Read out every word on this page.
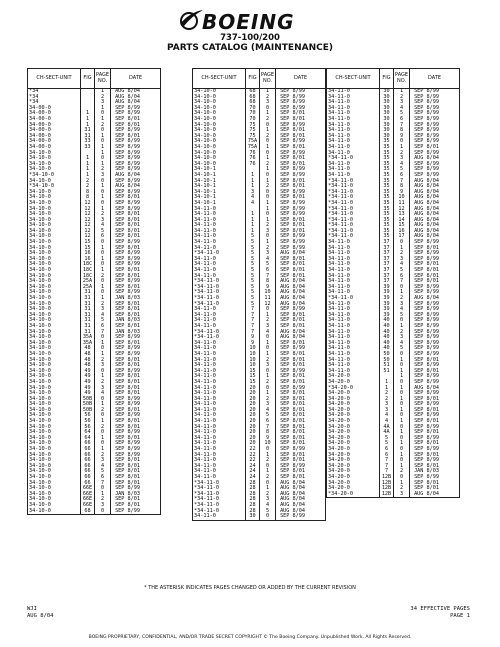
BOEING
737-100/200
PARTS CATALOG (MAINTENANCE)
CH-SECT-UNIT	FIG	PAGE NO.	DATE
*34		1	AUG 8/04
*34		2	AUG 8/04
*34		3	AUG 8/04
34-00-0		1	SEP 8/99
34-00-0	1	0	SEP 8/99
34-00-0	1	1	SEP 8/01
34-00-0	1	2	SEP 8/01
34-00-0	31	0	SEP 8/99
34-00-0	31	1	SEP 8/01
34-00-0	33	0	SEP 8/99
34-00-0	33	1	SEP 8/99
34-10-0		1	SEP 8/99
34-10-0	1	0	SEP 8/99
34-10-0	1	1	SEP 8/99
34-10-0	1	2	SEP 8/99
*34-10-0	1	3	AUG 8/04
34-10-0	2	0	SEP 8/99
*34-10-0	2	1	AUG 8/04
34-10-0	8	0	SEP 8/99
34-10-0	8	1	SEP 8/01
34-10-0	12	0	SEP 8/99
34-10-0	12	1	SEP 8/99
34-10-0	12	2	SEP 8/01
34-10-0	12	3	SEP 8/01
34-10-0	12	4	SEP 8/01
34-10-0	12	5	SEP 8/01
34-10-0	12	6	SEP 8/01
34-10-0	15	0	SEP 8/99
34-10-0	15	1	SEP 8/01
34-10-0	16	0	SEP 8/99
34-10-0	16	1	SEP 8/99
34-10-0	18C	0	SEP 8/99
34-10-0	18C	1	SEP 8/01
34-10-0	18C	2	SEP 8/01
34-10-0	25A	0	SEP 8/99
34-10-0	25A	1	SEP 8/01
34-10-0	31	0	SEP 8/99
34-10-0	31	1	JAN 8/03
34-10-0	31	2	SEP 8/01
34-10-0	31	3	SEP 8/01
34-10-0	31	4	SEP 8/01
34-10-0	31	5	JAN 8/03
34-10-0	31	6	SEP 8/01
34-10-0	31	7	JAN 8/03
34-10-0	35A	0	SEP 8/99
34-10-0	35A	1	SEP 8/01
34-10-0	48	0	SEP 8/99
34-10-0	48	1	SEP 8/99
34-10-0	48	2	SEP 8/01
34-10-0	48	3	SEP 8/01
34-10-0	49	0	SEP 8/99
34-10-0	49	1	SEP 8/01
34-10-0	49	2	SEP 8/01
34-10-0	49	3	SEP 8/01
34-10-0	49	4	SEP 8/01
34-10-0	50B	0	SEP 8/99
34-10-0	50B	1	SEP 8/99
34-10-0	50B	2	SEP 8/01
34-10-0	56	0	SEP 8/99
34-10-0	56	1	SEP 8/01
34-10-0	56	2	SEP 8/01
34-10-0	64	0	SEP 8/99
34-10-0	64	1	SEP 8/01
34-10-0	66	0	SEP 8/99
34-10-0	66	1	SEP 8/99
34-10-0	66	2	SEP 8/99
34-10-0	66	3	SEP 8/01
34-10-0	66	4	SEP 8/01
34-10-0	66	5	SEP 8/01
34-10-0	66	6	SEP 8/01
34-10-0	66	7	SEP 8/01
34-10-0	66E	0	SEP 8/99
34-10-0	66E	1	JAN 8/03
34-10-0	66E	2	SEP 8/01
34-10-0	66E	3	SEP 8/01
34-10-0	68	0	SEP 8/99
CH-SECT-UNIT	FIG	PAGE NO.	DATE
34-10-0	68	1	SEP 8/99
34-10-0	68	2	SEP 8/99
34-10-0	68	3	SEP 8/99
34-10-0	70	0	SEP 8/99
34-10-0	70	1	SEP 8/01
34-10-0	70	2	SEP 8/01
34-10-0	75	0	SEP 8/99
34-10-0	75	1	SEP 8/01
34-10-0	75	2	SEP 8/01
34-10-0	75A	0	SEP 8/99
34-10-0	75A	1	SEP 8/01
34-10-0	76	0	SEP 8/99
34-10-0	76	1	SEP 8/01
34-10-0	76	2	SEP 8/01
34-10-1		1	SEP 8/99
34-10-1	1	0	SEP 8/99
34-10-1	1	1	SEP 8/01
34-10-1	1	2	SEP 8/01
34-10-1	3	0	SEP 8/99
34-10-1	4	0	SEP 8/01
34-10-1	4	1	SEP 8/99
34-11-0		1	SEP 8/99
34-11-0	1	0	SEP 8/99
34-11-0	1	1	SEP 8/01
34-11-0	1	2	SEP 8/01
34-11-0	1	3	SEP 8/01
34-11-0	5	0	SEP 8/99
34-11-0	5	1	SEP 8/99
34-11-0	5	2	SEP 8/99
*34-11-0	5	3	AUG 8/04
34-11-0	5	4	SEP 8/01
34-11-0	5	5	SEP 8/01
34-11-0	5	6	SEP 8/01
34-11-0	5	7	SEP 8/01
*34-11-0	5	8	AUG 8/04
*34-11-0	5	9	AUG 8/04
*34-11-0	5	10	AUG 8/04
*34-11-0	5	11	AUG 8/04
*34-11-0	5	12	AUG 8/04
34-11-0	7	0	SEP 8/99
34-11-0	7	1	SEP 8/01
34-11-0	7	2	SEP 8/01
34-11-0	7	3	SEP 8/01
*34-11-0	7	4	AUG 8/04
*34-11-0	9	0	AUG 8/04
34-11-0	9	1	SEP 8/01
34-11-0	10	0	SEP 8/99
34-11-0	10	1	SEP 8/01
34-11-0	10	2	SEP 8/01
34-11-0	10	3	SEP 8/01
34-11-0	15	0	SEP 8/99
34-11-0	15	1	SEP 8/01
34-11-0	15	2	SEP 8/01
34-11-0	20	0	SEP 8/99
34-11-0	20	1	SEP 8/01
34-11-0	20	2	SEP 8/01
34-11-0	20	3	SEP 8/01
34-11-0	20	4	SEP 8/01
34-11-0	20	5	SEP 8/01
34-11-0	20	6	SEP 8/01
34-11-0	20	7	SEP 8/01
34-11-0	20	8	SEP 8/01
34-11-0	20	9	SEP 8/01
34-11-0	20	10	SEP 8/01
34-11-0	22	0	SEP 8/99
34-11-0	22	1	SEP 8/01
34-11-0	22	2	SEP 8/01
34-11-0	24	0	SEP 8/99
34-11-0	24	1	SEP 8/01
34-11-0	24	2	SEP 8/01
*34-11-0	28	0	AUG 8/04
*34-11-0	28	1	AUG 8/04
*34-11-0	28	2	AUG 8/04
*34-11-0	28	3	AUG 8/04
*34-11-0	28	4	AUG 8/04
*34-11-0	28	5	AUG 8/04
34-11-0	30	0	SEP 8/99
CH-SECT-UNIT	FIG	PAGE NO.	DATE
34-11-0	30	1	SEP 8/99
34-11-0	30	2	SEP 8/99
34-11-0	30	3	SEP 8/99
34-11-0	30	4	SEP 8/99
34-11-0	30	5	SEP 8/99
34-11-0	30	6	SEP 8/99
34-11-0	30	7	SEP 8/99
34-11-0	30	8	SEP 8/99
34-11-0	30	9	SEP 8/99
34-11-0	35	0	SEP 8/99
34-11-0	35	1	SEP 8/01
34-11-0	35	2	SEP 8/99
*34-11-0	35	3	AUG 8/04
34-11-0	35	4	SEP 8/99
34-11-0	35	5	SEP 8/99
34-11-0	35	6	SEP 8/99
*34-11-0	35	7	AUG 8/04
*34-11-0	35	8	AUG 8/04
*34-11-0	35	9	AUG 8/04
*34-11-0	35	10	AUG 8/04
*34-11-0	35	11	AUG 8/04
*34-11-0	35	12	AUG 8/04
*34-11-0	35	13	AUG 8/04
*34-11-0	35	14	AUG 8/04
*34-11-0	35	15	AUG 8/04
*34-11-0	35	16	AUG 8/04
*34-11-0	35	17	AUG 8/04
34-11-0	37	0	SEP 8/99
34-11-0	37	1	SEP 8/01
34-11-0	37	2	SEP 8/99
34-11-0	37	3	SEP 8/99
34-11-0	37	4	SEP 8/01
34-11-0	37	5	SEP 8/01
34-11-0	37	6	SEP 8/01
34-11-0	37	7	SEP 8/01
34-11-0	39	0	SEP 8/99
34-11-0	39	1	SEP 8/99
*34-11-0	39	2	AUG 8/04
34-11-0	39	3	SEP 8/99
34-11-0	39	4	SEP 8/99
34-11-0	39	5	SEP 8/99
34-11-0	40	0	SEP 8/99
34-11-0	40	1	SEP 8/99
34-11-0	40	2	SEP 8/99
34-11-0	40	3	SEP 8/99
34-11-0	40	4	SEP 8/99
34-11-0	40	5	SEP 8/99
34-11-0	50	0	SEP 8/99
34-11-0	50	1	SEP 8/01
34-11-0	51	0	SEP 8/99
34-11-0	51	1	SEP 8/01
34-20-0		1	SEP 8/99
34-20-0	1	0	SEP 8/99
*34-20-0	1	1	AUG 8/04
34-20-0	2	0	SEP 8/99
34-20-0	2	1	SEP 8/01
34-20-0	3	0	SEP 8/99
34-20-0	3	1	SEP 8/01
34-20-0	4	0	SEP 8/99
34-20-0	4	1	SEP 8/01
34-20-0	4A	0	SEP 8/99
34-20-0	4A	1	SEP 8/01
34-20-0	5	0	SEP 8/99
34-20-0	5	1	SEP 8/01
34-20-0	6	0	SEP 8/99
34-20-0	6	1	SEP 8/01
34-20-0	7	0	SEP 8/99
34-20-0	7	1	SEP 8/01
34-20-0	7	2	JAN 8/03
34-20-0	12B	0	SEP 8/99
34-20-0	12B	1	SEP 8/01
34-20-0	12B	2	SEP 8/01
*34-20-0	12B	3	AUG 8/04
* THE ASTERISK INDICATES PAGES CHANGED OR ADDED BY THE CURRENT REVISION
WJI
AUG 8/04
34 EFFECTIVE PAGES
PAGE 1
BOEING PROPRIETARY, CONFIDENTIAL, AND/OR TRADE SECRET COPYRIGHT © The Boeing Company. Unpublished Work. All Rights Reserved.
